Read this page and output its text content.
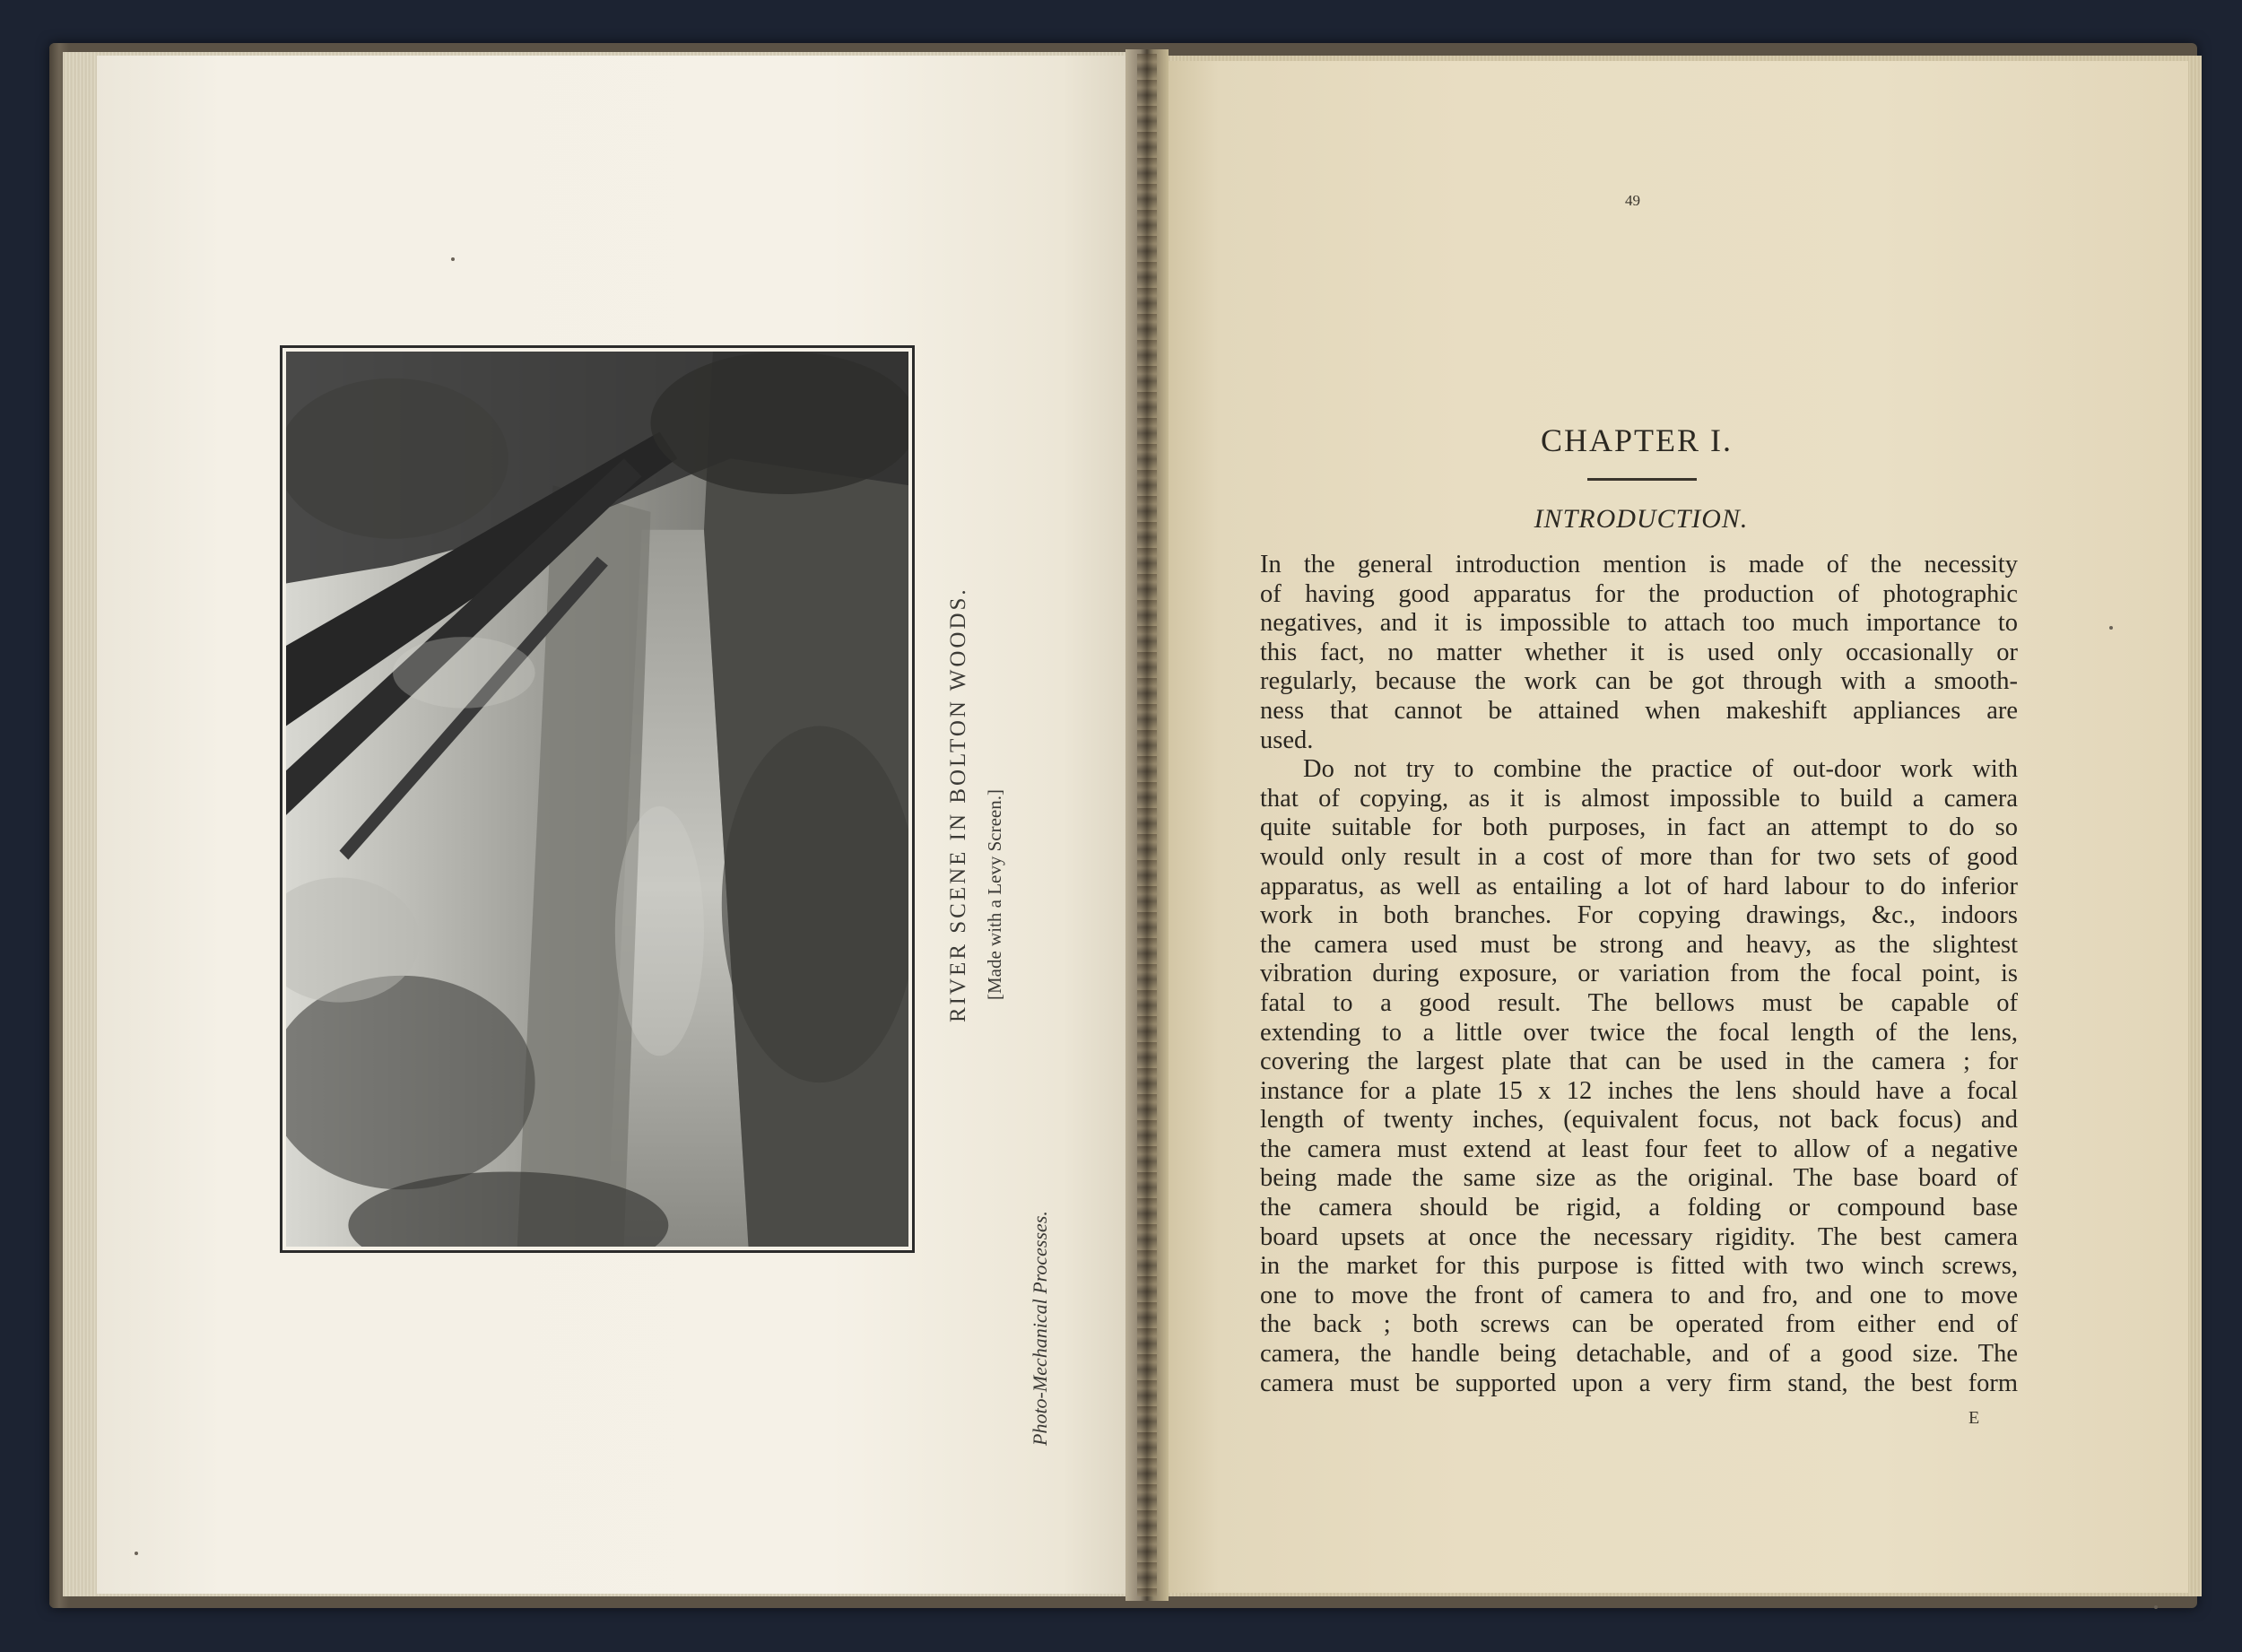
RIVER SCENE IN BOLTON WOODS. [Made with a Levy Screen.]
Photo-Mechanical Processes.
49
CHAPTER I.
INTRODUCTION.
In the general introduction mention is made of the necessity
of having good apparatus for the production of photographic
negatives, and it is impossible to attach too much importance to
this fact, no matter whether it is used only occasionally or
regularly, because the work can be got through with a smooth-
ness that cannot be attained when makeshift appliances are
used.
Do not try to combine the practice of out-door work with
that of copying, as it is almost impossible to build a camera
quite suitable for both purposes, in fact an attempt to do so
would only result in a cost of more than for two sets of good
apparatus, as well as entailing a lot of hard labour to do inferior
work in both branches. For copying drawings, &c., indoors
the camera used must be strong and heavy, as the slightest
vibration during exposure, or variation from the focal point, is
fatal to a good result. The bellows must be capable of
extending to a little over twice the focal length of the lens,
covering the largest plate that can be used in the camera ; for
instance for a plate 15 x 12 inches the lens should have a focal
length of twenty inches, (equivalent focus, not back focus) and
the camera must extend at least four feet to allow of a negative
being made the same size as the original. The base board of
the camera should be rigid, a folding or compound base
board upsets at once the necessary rigidity. The best camera
in the market for this purpose is fitted with two winch screws,
one to move the front of camera to and fro, and one to move
the back ; both screws can be operated from either end of
camera, the handle being detachable, and of a good size. The
camera must be supported upon a very firm stand, the best form
E
